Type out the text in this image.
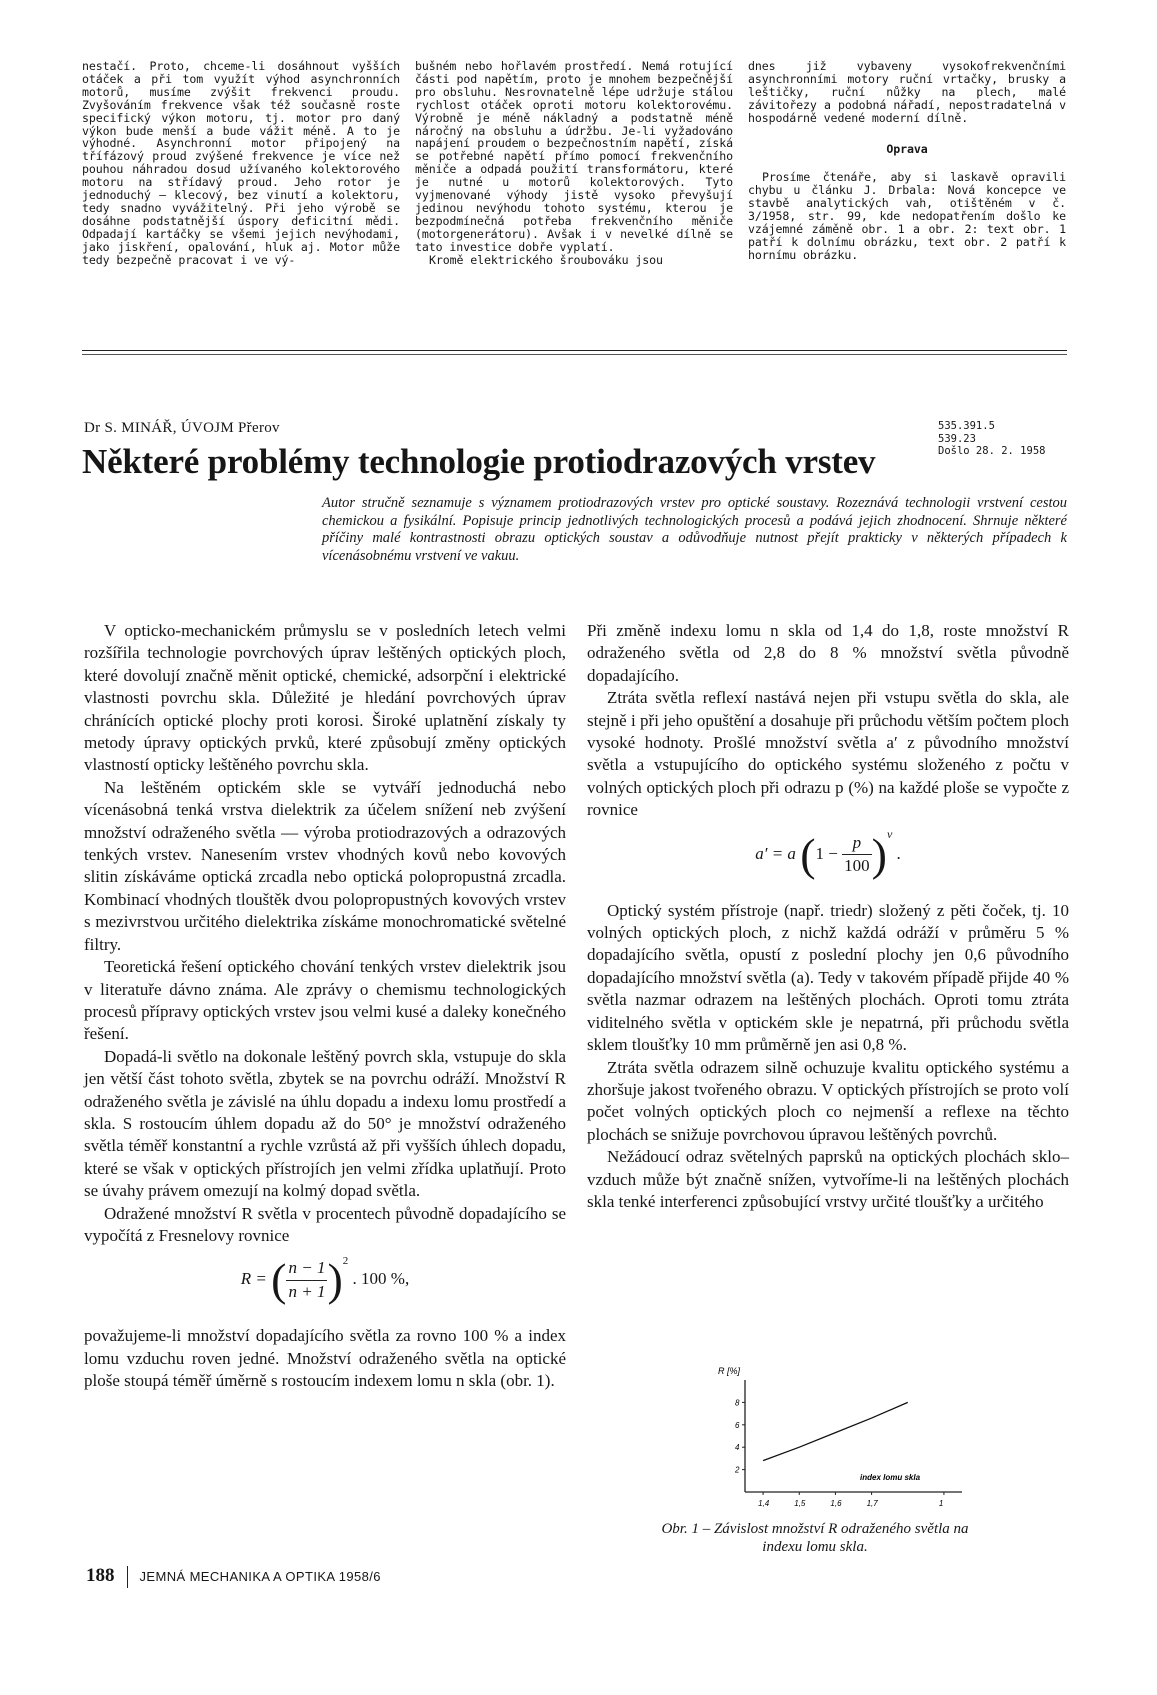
nestačí. Proto, chceme-li dosáhnout vyšších otáček a při tom využít výhod asynchronních motorů, musíme zvýšit frekvenci proudu. Zvyšováním frekvence však též současně roste specifický výkon motoru, tj. motor pro daný výkon bude menší a bude vážit méně. A to je výhodné. Asynchronní motor připojený na třífázový proud zvýšené frekvence je více než pouhou náhradou dosud užívaného kolektorového motoru na střídavý proud. Jeho rotor je jednoduchý — klecový, bez vinutí a kolektoru, tedy snadno vyvážitelný. Při jeho výrobě se dosáhne podstatnější úspory deficitní mědi. Odpadají kartáčky se všemi jejich nevýhodami, jako jiskření, opalování, hluk aj. Motor může tedy bezpečně pracovat i ve vý-

bušném nebo hořlavém prostředí. Nemá rotující části pod napětím, proto je mnohem bezpečnější pro obsluhu. Nesrovnatelně lépe udržuje stálou rychlost otáček oproti motoru kolektorovému. Výrobně je méně nákladný a podstatně méně náročný na obsluhu a údržbu. Je-li vyžadováno napájení proudem o bezpečnostním napětí, získá se potřebné napětí přímo pomocí frekvenčního měniče a odpadá použití transformátoru, které je nutné u motorů kolektorových. Tyto vyjmenované výhody jistě vysoko převyšují jedinou nevýhodu tohoto systému, kterou je bezpodmínečná potřeba frekvenčního měniče (motorgenerátoru). Avšak i v nevelké dílně se tato investice dobře vyplatí.

Kromě elektrického šroubováku jsou

dnes již vybaveny vysokofrekvenčními asynchronními motory ruční vrtačky, brusky a leštičky, ruční nůžky na plech, malé závitořezy a podobná nářadí, nepostradatelná v hospodárně vedené moderní dílně.

Oprava

Prosíme čtenáře, aby si laskavě opravili chybu u článku J. Drbala: Nová koncepce ve stavbě analytických vah, otištěném v č. 3/1958, str. 99, kde nedopatřením došlo ke vzájemné záměně obr. 1 a obr. 2: text obr. 1 patří k dolnímu obrázku, text obr. 2 patří k hornímu obrázku.

Dr S. MINÁŘ, ÚVOJM Přerov
Některé problémy technologie protiodrazových vrstev
535.391.5
539.23
Došlo 28. 2. 1958
Autor stručně seznamuje s významem protiodrazových vrstev pro optické soustavy. Rozeznává technologii vrstvení cestou chemickou a fysikální. Popisuje princip jednotlivých technologických procesů a podává jejich zhodnocení. Shrnuje některé příčiny malé kontrastnosti obrazu optických soustav a odůvodňuje nutnost přejít prakticky v některých případech k vícenásobnému vrstvení ve vakuu.

V opticko-mechanickém průmyslu se v posledních letech velmi rozšířila technologie povrchových úprav leštěných optických ploch, které dovolují značně měnit optické, chemické, adsorpční i elektrické vlastnosti povrchu skla. Důležité je hledání povrchových úprav chránících optické plochy proti korosi. Široké uplatnění získaly ty metody úpravy optických prvků, které způsobují změny optických vlastností opticky leštěného povrchu skla.

Na leštěném optickém skle se vytváří jednoduchá nebo vícenásobná tenká vrstva dielektrik za účelem snížení neb zvýšení množství odraženého světla — výroba protiodrazových a odrazových tenkých vrstev. Nanesením vrstev vhodných kovů nebo kovových slitin získáváme optická zrcadla nebo optická polopropustná zrcadla. Kombinací vhodných tlouštěk dvou polopropustných kovových vrstev s mezivrstvou určitého dielektrika získáme monochromatické světelné filtry.

Teoretická řešení optického chování tenkých vrstev dielektrik jsou v literatuře dávno známa. Ale zprávy o chemismu technologických procesů přípravy optických vrstev jsou velmi kusé a daleky konečného řešení.

Dopadá-li světlo na dokonale leštěný povrch skla, vstupuje do skla jen větší část tohoto světla, zbytek se na povrchu odráží. Množství R odraženého světla je závislé na úhlu dopadu a indexu lomu prostředí a skla. S rostoucím úhlem dopadu až do 50° je množství odraženého světla téměř konstantní a rychle vzrůstá až při vyšších úhlech dopadu, které se však v optických přístrojích jen velmi zřídka uplatňují. Proto se úvahy právem omezují na kolmý dopad světla.

Odražené množství R světla v procentech původně dopadajícího se vypočítá z Fresnelovy rovnice

R = ( $\frac{n - 1}{n + 1} )^2$ . 100 %,

považujeme-li množství dopadajícího světla za rovno 100 % a index lomu vzduchu roven jedné. Množství odraženého světla na optické ploše stoupá téměř úměrně s rostoucím indexem lomu n skla (obr. 1).

Při změně indexu lomu n skla od 1,4 do 1,8, roste množství R odraženého světla od 2,8 do 8 % množství světla původně dopadajícího.

Ztráta světla reflexí nastává nejen při vstupu světla do skla, ale stejně i při jeho opuštění a dosahuje při průchodu větším počtem ploch vysoké hodnoty. Prošlé množství světla a′ z původního množství světla a vstupujícího do optického systému složeného z počtu v volných optických ploch při odrazu p (%) na každé ploše se vypočte z rovnice

a′ = a $(1 - \frac{p}{100} )^v$ .

Optický systém přístroje (např. triedr) složený z pěti čoček, tj. 10 volných optických ploch, z nichž každá odráží v průměru 5 % dopadajícího světla, opustí z poslední plochy jen 0,6 původního dopadajícího množství světla (a). Tedy v takovém případě přijde 40 % světla nazmar odrazem na leštěných plochách. Oproti tomu ztráta viditelného světla v optickém skle je nepatrná, při průchodu světla sklem tloušťky 10 mm průměrně jen asi 0,8 %.

Ztráta světla odrazem silně ochuzuje kvalitu optického systému a zhoršuje jakost tvořeného obrazu. V optických přístrojích se proto volí počet volných optických ploch co nejmenší a reflexe na těchto plochách se snižuje povrchovou úpravou leštěných povrchů.

Nežádoucí odraz světelných paprsků na optických plochách sklo–vzduch může být značně snížen, vytvoříme-li na leštěných plochách skla tenké interferenci způsobující vrstvy určité tloušťky a určitého

R [%]
index lomu skla
2
4
6
8
1,4	1,5	1,6	1,7	1
Obr. 1 – Závislost množství R odraženého světla na indexu lomu skla.
188 JEMNÁ MECHANIKA A OPTIKA 1958/6
